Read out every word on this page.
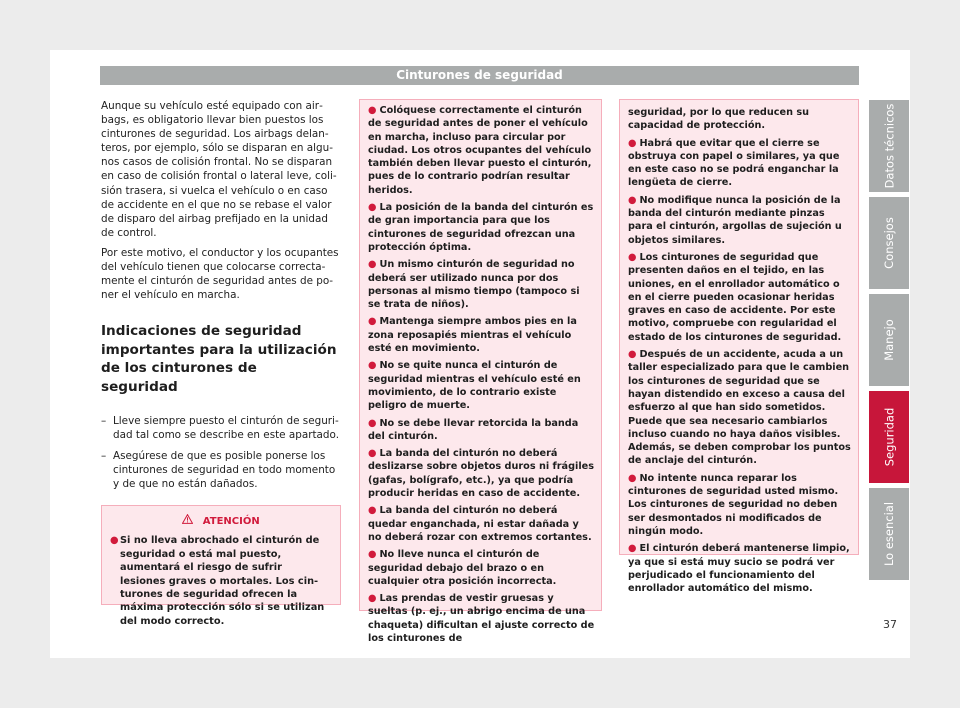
Cinturones de seguridad

Aunque su vehículo esté equipado con airbags, es obligatorio llevar bien puestos los cinturones de seguridad. Los airbags delanteros, por ejemplo, sólo se disparan en algunos casos de colisión frontal. No se disparan en caso de colisión frontal o lateral leve, colisión trasera, si vuelca el vehículo o en caso de accidente en el que no se rebase el valor de disparo del airbag prefijado en la unidad de control.

Por este motivo, el conductor y los ocupantes del vehículo tienen que colocarse correctamente el cinturón de seguridad antes de poner el vehículo en marcha.

Indicaciones de seguridad importantes para la utilización de los cinturones de seguridad
– Lleve siempre puesto el cinturón de seguridad tal como se describe en este apartado.
– Asegúrese de que es posible ponerse los cinturones de seguridad en todo momento y de que no están dañados.
ATENCIÓN
● Si no lleva abrochado el cinturón de seguridad o está mal puesto, aumentará el riesgo de sufrir lesiones graves o mortales. Los cinturones de seguridad ofrecen la máxima protección sólo si se utilizan del modo correcto.
● Colóquese correctamente el cinturón de seguridad antes de poner el vehículo en marcha, incluso para circular por ciudad. Los otros ocupantes del vehículo también deben llevar puesto el cinturón, pues de lo contrario podrían resultar heridos.
● La posición de la banda del cinturón es de gran importancia para que los cinturones de seguridad ofrezcan una protección óptima.
● Un mismo cinturón de seguridad no deberá ser utilizado nunca por dos personas al mismo tiempo (tampoco si se trata de niños).
● Mantenga siempre ambos pies en la zona reposapiés mientras el vehículo esté en movimiento.
● No se quite nunca el cinturón de seguridad mientras el vehículo esté en movimiento, de lo contrario existe peligro de muerte.
● No se debe llevar retorcida la banda del cinturón.
● La banda del cinturón no deberá deslizarse sobre objetos duros ni frágiles (gafas, bolígrafo, etc.), ya que podría producir heridas en caso de accidente.
● La banda del cinturón no deberá quedar enganchada, ni estar dañada y no deberá rozar con extremos cortantes.
● No lleve nunca el cinturón de seguridad debajo del brazo o en cualquier otra posición incorrecta.
● Las prendas de vestir gruesas y sueltas (p. ej., un abrigo encima de una chaqueta) dificultan el ajuste correcto de los cinturones de
seguridad, por lo que reducen su capacidad de protección.
● Habrá que evitar que el cierre se obstruya con papel o similares, ya que en este caso no se podrá enganchar la lengüeta de cierre.
● No modifique nunca la posición de la banda del cinturón mediante pinzas para el cinturón, argollas de sujeción u objetos similares.
● Los cinturones de seguridad que presenten daños en el tejido, en las uniones, en el enrollador automático o en el cierre pueden ocasionar heridas graves en caso de accidente. Por este motivo, compruebe con regularidad el estado de los cinturones de seguridad.
● Después de un accidente, acuda a un taller especializado para que le cambien los cinturones de seguridad que se hayan distendido en exceso a causa del esfuerzo al que han sido sometidos. Puede que sea necesario cambiarlos incluso cuando no haya daños visibles. Además, se deben comprobar los puntos de anclaje del cinturón.
● No intente nunca reparar los cinturones de seguridad usted mismo. Los cinturones de seguridad no deben ser desmontados ni modificados de ningún modo.
● El cinturón deberá mantenerse limpio, ya que si está muy sucio se podrá ver perjudicado el funcionamiento del enrollador automático del mismo.
Datos técnicos
Consejos
Manejo
Seguridad
Lo esencial
37
